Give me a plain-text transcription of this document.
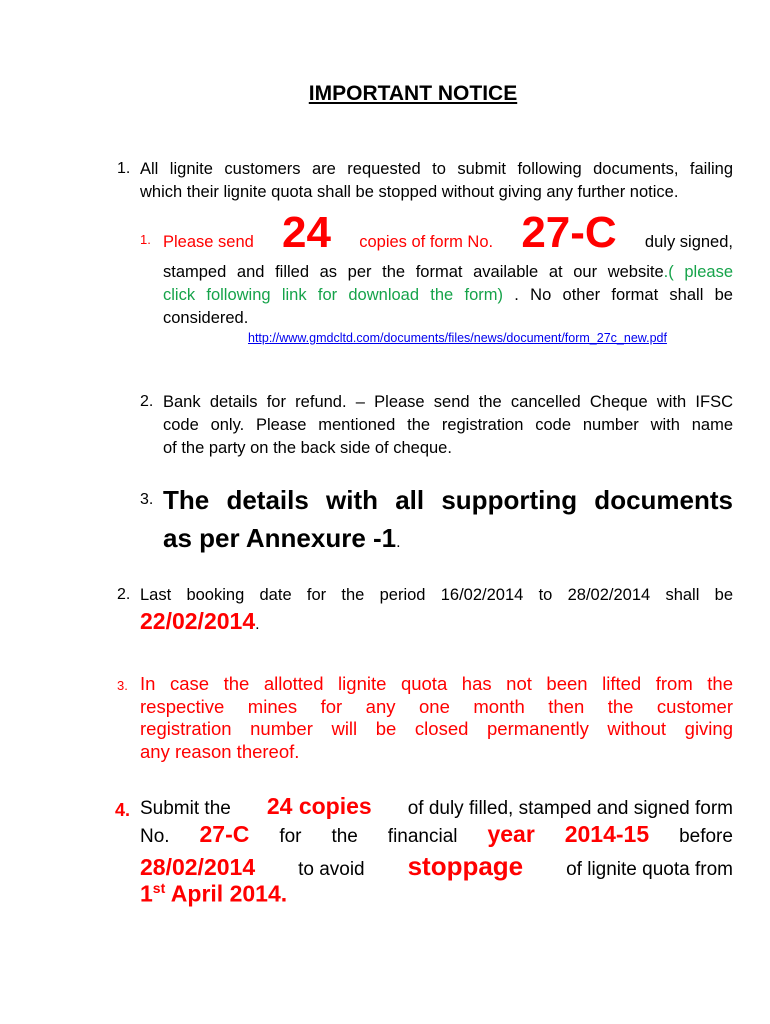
IMPORTANT NOTICE
1. All lignite customers are requested to submit following documents, failing
which their lignite quota shall be stopped without giving any further notice.
1. Please send 24 copies of form No. 27-C duly signed,
stamped and filled as per the format available at our website.( please
click following link for download the form) . No other format shall be
considered.
http://www.gmdcltd.com/documents/files/news/document/form_27c_new.pdf
2. Bank details for refund. – Please send the cancelled Cheque with IFSC
code only. Please mentioned the registration code number with name
of the party on the back side of cheque.
3. The details with all supporting documents
as per Annexure -1.
2. Last booking date for the period 16/02/2014 to 28/02/2014 shall be
22/02/2014.
3. In case the allotted lignite quota has not been lifted from the
respective mines for any one month then the customer
registration number will be closed permanently without giving
any reason thereof.
4. Submit the 24 copies of duly filled, stamped and signed form
No. 27-C for the financial year 2014-15 before
28/02/2014 to avoid stoppage of lignite quota from
1st April 2014.
